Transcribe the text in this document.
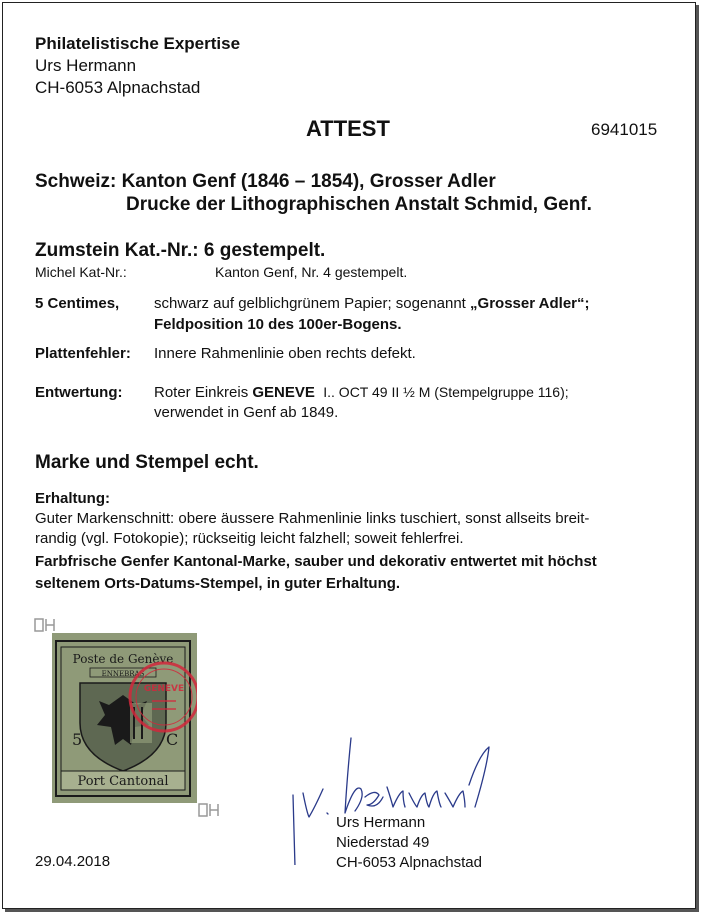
Philatelistische Expertise
Urs Hermann
CH-6053 Alpnachstad
ATTEST	6941015
Schweiz: Kanton Genf (1846 – 1854), Grosser Adler
Drucke der Lithographischen Anstalt Schmid, Genf.
Zumstein Kat.-Nr.: 6 gestempelt.
Michel Kat-Nr.:	Kanton Genf, Nr. 4 gestempelt.
5 Centimes, schwarz auf gelblichgrünem Papier; sogenannt „Grosser Adler“;
Feldposition 10 des 100er-Bogens.
Plattenfehler: Innere Rahmenlinie oben rechts defekt.
Entwertung: Roter Einkreis GENEVE I.. OCT 49 II ½ M (Stempelgruppe 116);
verwendet in Genf ab 1849.
Marke und Stempel echt.
Erhaltung:
Guter Markenschnitt: obere äussere Rahmenlinie links tuschiert, sonst allseits breit-
randig (vgl. Fotokopie); rückseitig leicht falzhell; soweit fehlerfrei.
Farbfrische Genfer Kantonal-Marke, sauber und dekorativ entwertet mit höchst
seltenem Orts-Datums-Stempel, in guter Erhaltung.
Poste de Genève
ENNEBRAS
5	C
Port Cantonal
GENEVE
Urs Hermann
Niederstad 49
CH-6053 Alpnachstad
29.04.2018
